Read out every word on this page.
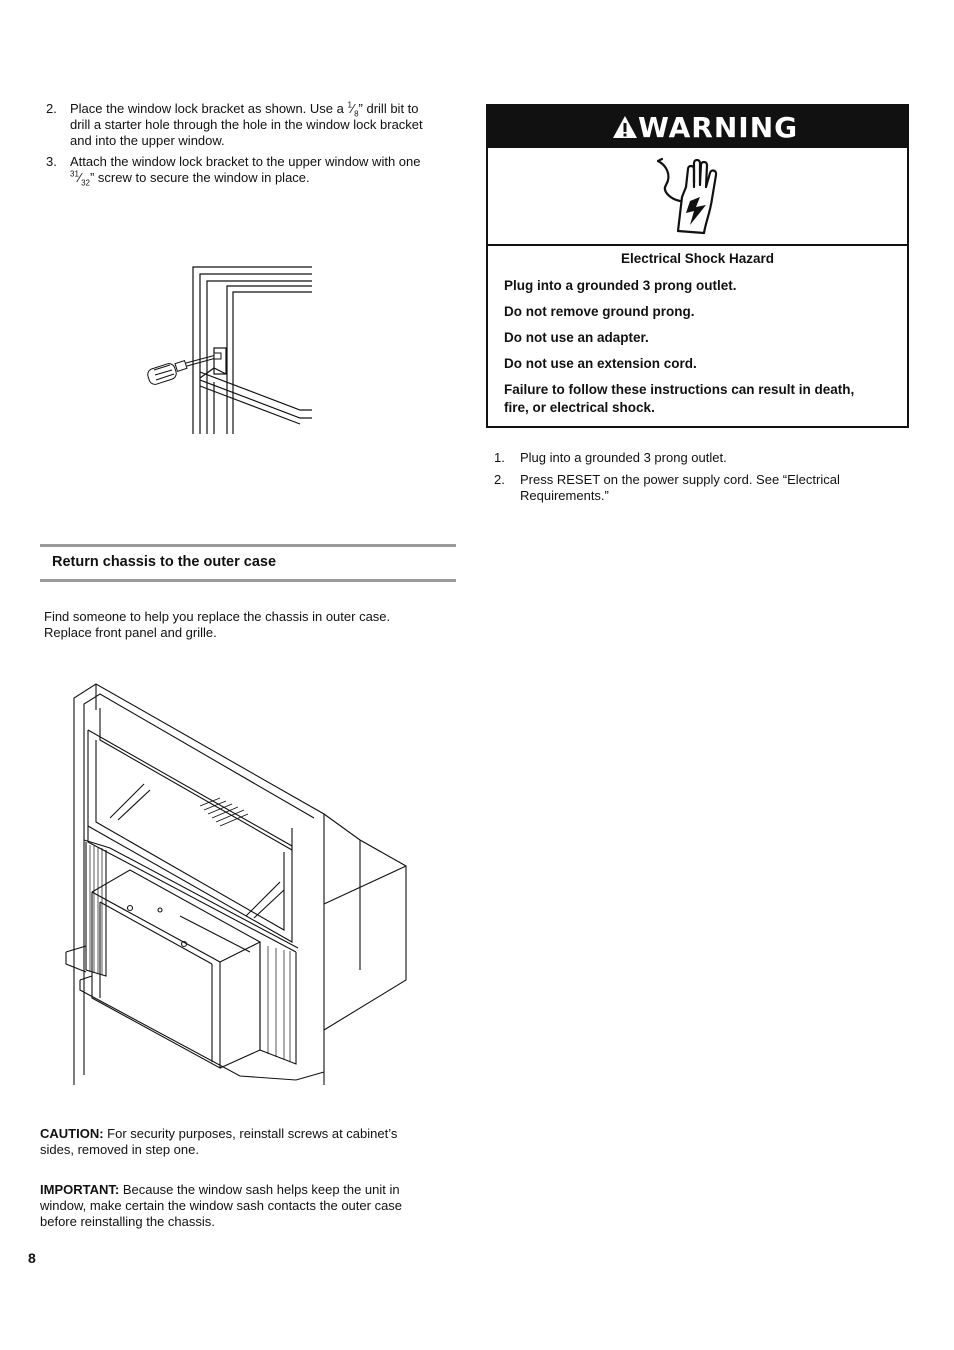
2. Place the window lock bracket as shown. Use a $^1⁄_8$” drill bit to
drill a starter hole through the hole in the window lock bracket
and into the upper window.
3. Attach the window lock bracket to the upper window with one
$^{31}⁄_{32}$” screw to secure the window in place.
Return chassis to the outer case
Find someone to help you replace the chassis in outer case.
Replace front panel and grille.
CAUTION: For security purposes, reinstall screws at cabinet’s
sides, removed in step one.
IMPORTANT: Because the window sash helps keep the unit in
window, make certain the window sash contacts the outer case
before reinstalling the chassis.
8
WARNING
Electrical Shock Hazard
Plug into a grounded 3 prong outlet.
Do not remove ground prong.
Do not use an adapter.
Do not use an extension cord.
Failure to follow these instructions can result in death,
fire, or electrical shock.
1. Plug into a grounded 3 prong outlet.
2. Press RESET on the power supply cord. See “Electrical
Requirements.”
